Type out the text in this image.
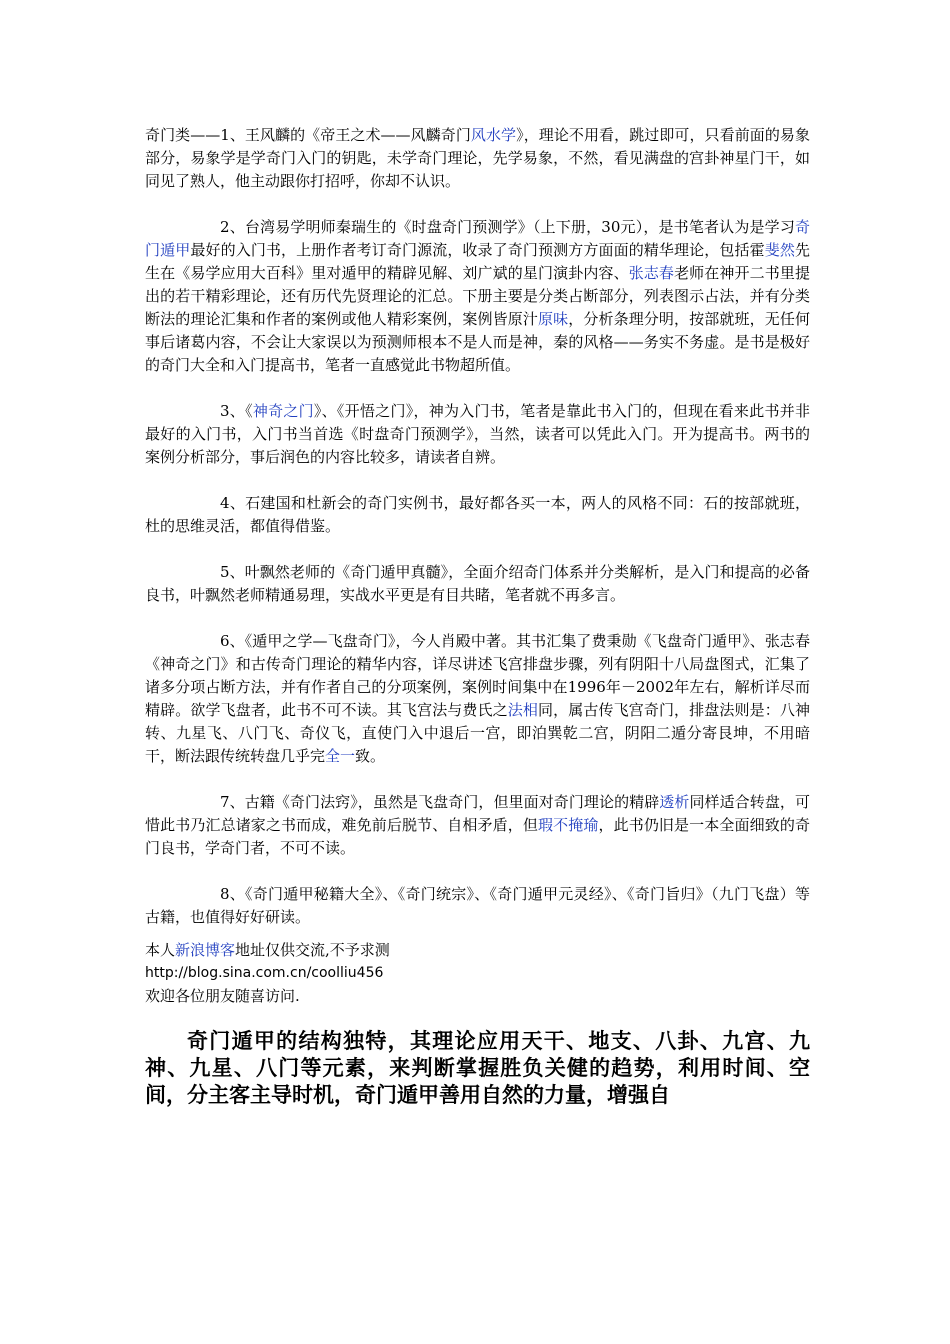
奇门类——1、王风麟的《帝王之术——风麟奇门风水学》，理论不用看，跳过即可，只看前面的易象部分，易象学是学奇门入门的钥匙，未学奇门理论，先学易象，不然，看见满盘的宫卦神星门干，如同见了熟人，他主动跟你打招呼，你却不认识。

2、台湾易学明师秦瑞生的《时盘奇门预测学》（上下册，30元），是书笔者认为是学习奇门遁甲最好的入门书，上册作者考订奇门源流，收录了奇门预测方方面面的精华理论，包括霍斐然先生在《易学应用大百科》里对遁甲的精辟见解、刘广斌的星门演卦内容、张志春老师在神开二书里提出的若干精彩理论，还有历代先贤理论的汇总。下册主要是分类占断部分，列表图示占法，并有分类断法的理论汇集和作者的案例或他人精彩案例，案例皆原汁原味，分析条理分明，按部就班，无任何事后诸葛内容，不会让大家误以为预测师根本不是人而是神，秦的风格——务实不务虚。是书是极好的奇门大全和入门提高书，笔者一直感觉此书物超所值。

3、《神奇之门》、《开悟之门》，神为入门书，笔者是靠此书入门的，但现在看来此书并非最好的入门书，入门书当首选《时盘奇门预测学》，当然，读者可以凭此入门。开为提高书。两书的案例分析部分，事后润色的内容比较多，请读者自辨。

4、石建国和杜新会的奇门实例书，最好都各买一本，两人的风格不同：石的按部就班，杜的思维灵活，都值得借鉴。

5、叶飘然老师的《奇门遁甲真髓》，全面介绍奇门体系并分类解析，是入门和提高的必备良书，叶飘然老师精通易理，实战水平更是有目共睹，笔者就不再多言。

6、《遁甲之学—飞盘奇门》，今人肖殿中著。其书汇集了费秉勋《飞盘奇门遁甲》、张志春《神奇之门》和古传奇门理论的精华内容，详尽讲述飞宫排盘步骤，列有阴阳十八局盘图式，汇集了诸多分项占断方法，并有作者自己的分项案例，案例时间集中在1996年－2002年左右，解析详尽而精辟。欲学飞盘者，此书不可不读。其飞宫法与费氏之法相同，属古传飞宫奇门，排盘法则是：八神转、九星飞、八门飞、奇仪飞，直使门入中退后一宫，即泊巽乾二宫，阴阳二遁分寄艮坤，不用暗干，断法跟传统转盘几乎完全一致。

7、古籍《奇门法窍》，虽然是飞盘奇门，但里面对奇门理论的精辟透析同样适合转盘，可惜此书乃汇总诸家之书而成，难免前后脱节、自相矛盾，但瑕不掩瑜，此书仍旧是一本全面细致的奇门良书，学奇门者，不可不读。

8、《奇门遁甲秘籍大全》、《奇门统宗》、《奇门遁甲元灵经》、《奇门旨归》（九门飞盘）等古籍，也值得好好研读。

本人新浪博客地址仅供交流,不予求测
http://blog.sina.com.cn/coolliu456
欢迎各位朋友随喜访问.
奇门遁甲的结构独特，其理论应用天干、地支、八卦、九宫、九神、九星、八门等元素，来判断掌握胜负关健的趋势，利用时间、空间，分主客主导时机，奇门遁甲善用自然的力量，增强自
